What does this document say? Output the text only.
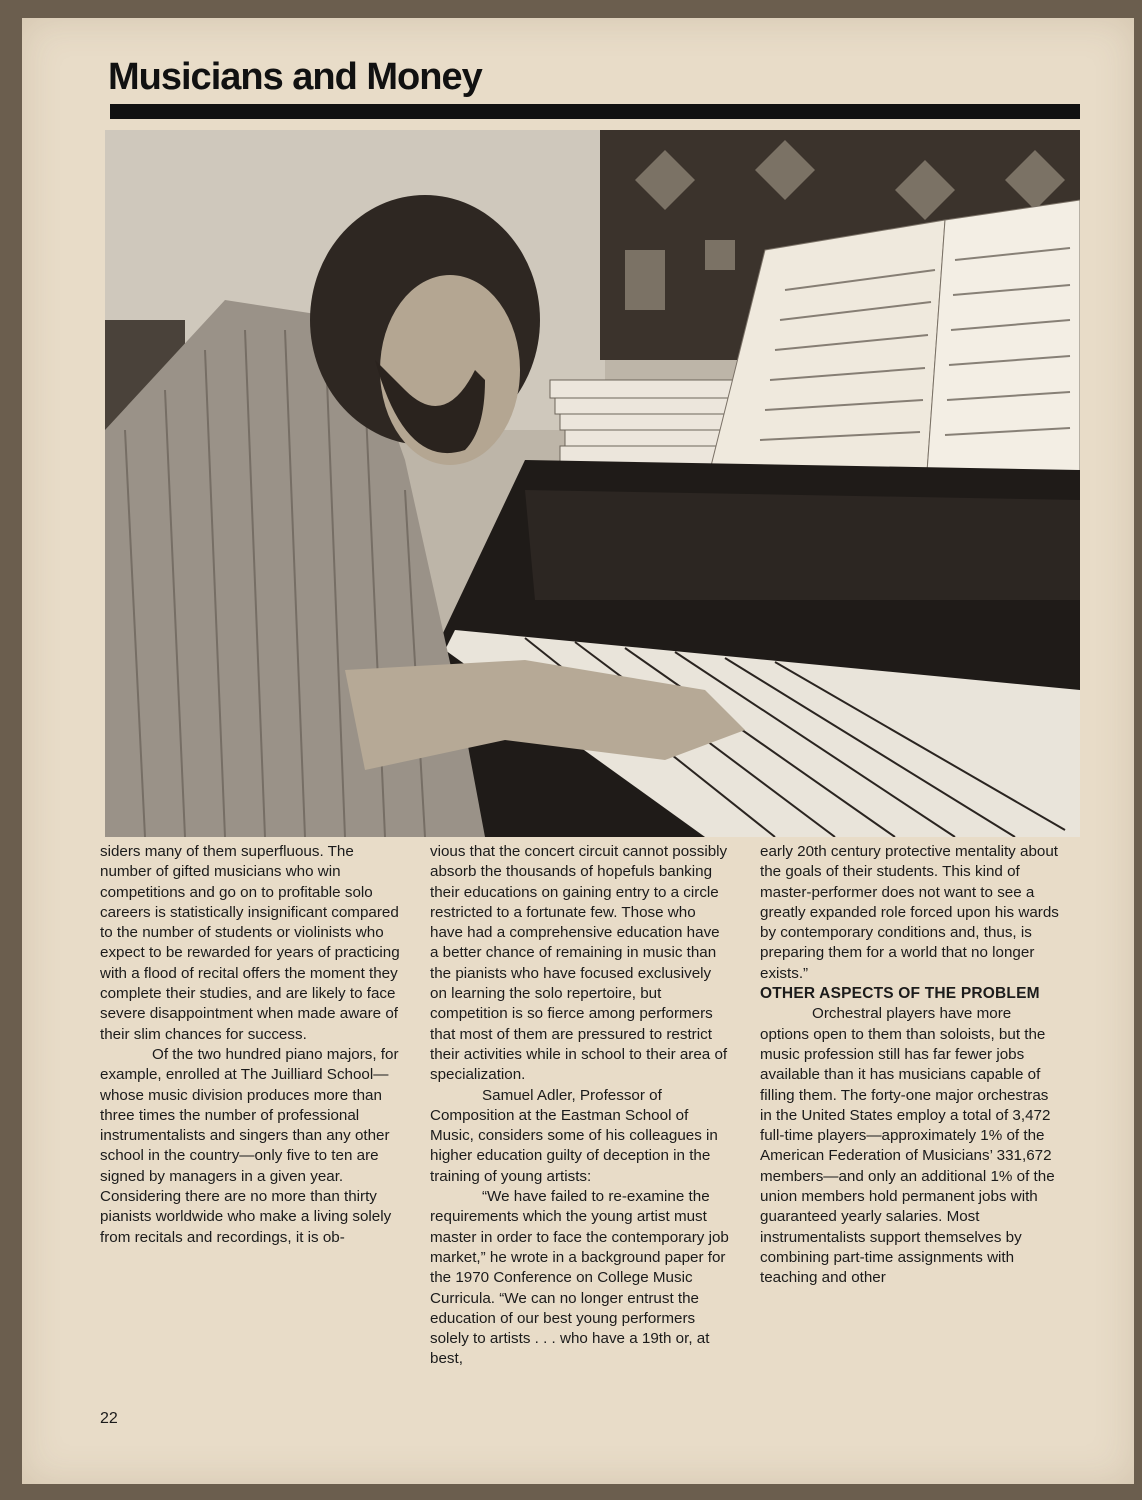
Musicians and Money

siders many of them superfluous. The number of gifted musicians who win competitions and go on to profitable solo careers is statistically insignificant compared to the number of students or violinists who expect to be rewarded for years of practicing with a flood of recital offers the moment they complete their studies, and are likely to face severe disappointment when made aware of their slim chances for success.

Of the two hundred piano majors, for example, enrolled at The Juilliard School—whose music division produces more than three times the number of professional instrumentalists and singers than any other school in the country—only five to ten are signed by managers in a given year. Considering there are no more than thirty pianists worldwide who make a living solely from recitals and recordings, it is ob-

vious that the concert circuit cannot possibly absorb the thousands of hopefuls banking their educations on gaining entry to a circle restricted to a fortunate few. Those who have had a comprehensive education have a better chance of remaining in music than the pianists who have focused exclusively on learning the solo repertoire, but competition is so fierce among performers that most of them are pressured to restrict their activities while in school to their area of specialization.

Samuel Adler, Professor of Composition at the Eastman School of Music, considers some of his colleagues in higher education guilty of deception in the training of young artists:

“We have failed to re-examine the requirements which the young artist must master in order to face the contemporary job market,” he wrote in a background paper for the 1970 Conference on College Music Curricula. “We can no longer entrust the education of our best young performers solely to artists . . . who have a 19th or, at best,

early 20th century protective mentality about the goals of their students. This kind of master-performer does not want to see a greatly expanded role forced upon his wards by contemporary conditions and, thus, is preparing them for a world that no longer exists.”

OTHER ASPECTS OF THE PROBLEM

Orchestral players have more options open to them than soloists, but the music profession still has far fewer jobs available than it has musicians capable of filling them. The forty-one major orchestras in the United States employ a total of 3,472 full-time players—approximately 1% of the American Federation of Musicians’ 331,672 members—and only an additional 1% of the union members hold permanent jobs with guaranteed yearly salaries. Most instrumentalists support themselves by combining part-time assignments with teaching and other

22
